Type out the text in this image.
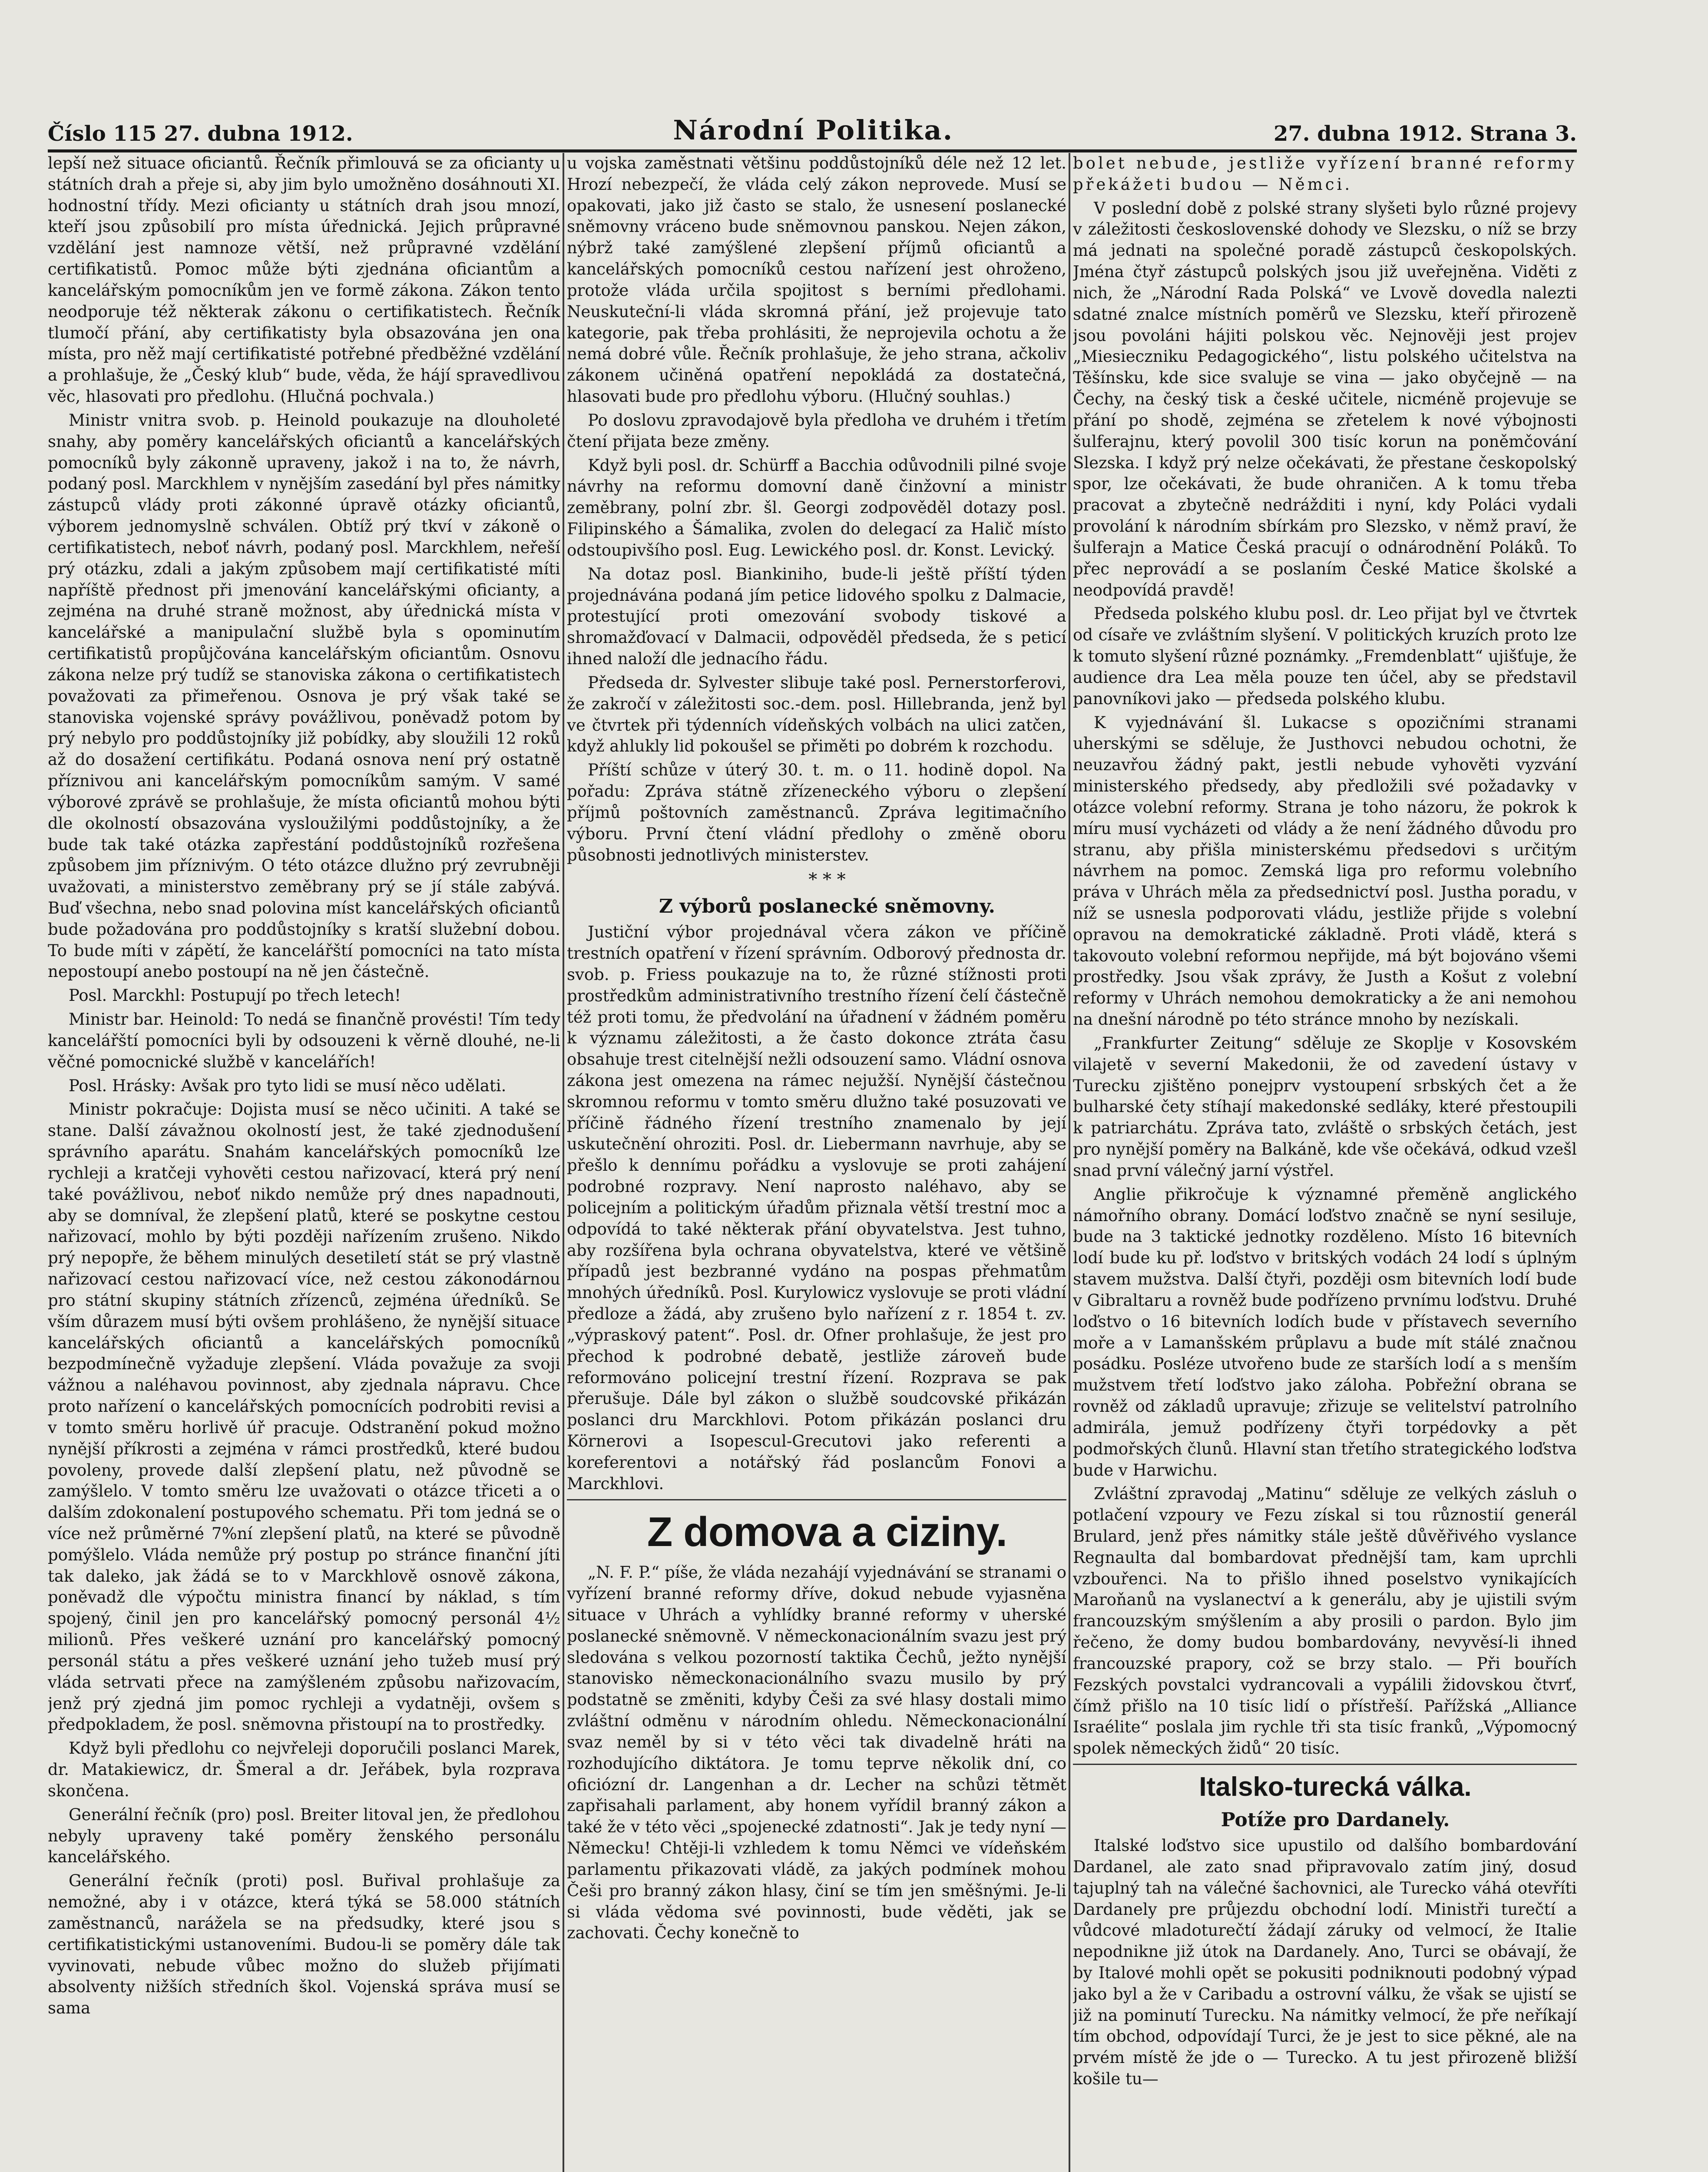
Číslo 115 27. dubna 1912.	Národní Politika.	27. dubna 1912. Strana 3.

lepší než situace oficiantů. Řečník přimlouvá se za oficianty u státních drah a přeje si, aby jim bylo umožněno dosáhnouti XI. hodnostní třídy. Mezi oficianty u státních drah jsou mnozí, kteří jsou způsobilí pro místa úřednická. Jejich průpravné vzdělání jest namnoze větší, než průpravné vzdělání certifikatistů. Pomoc může býti zjednána oficiantům a kancelářským pomocníkům jen ve formě zákona. Zákon tento neodporuje též některak zákonu o certifikatistech. Řečník tlumočí přání, aby certifikatisty byla obsazována jen ona místa, pro něž mají certifikatisté potřebné předběžné vzdělání a prohlašuje, že „Český klub“ bude, věda, že hájí spravedlivou věc, hlasovati pro předlohu. (Hlučná pochvala.)

Ministr vnitra svob. p. Heinold poukazuje na dlouholeté snahy, aby poměry kancelářských oficiantů a kancelářských pomocníků byly zákonně upraveny, jakož i na to, že návrh, podaný posl. Marckhlem v nynějším zasedání byl přes námitky zástupců vlády proti zákonné úpravě otázky oficiantů, výborem jednomyslně schválen. Obtíž prý tkví v zákoně o certifikatistech, neboť návrh, podaný posl. Marckhlem, neřeší prý otázku, zdali a jakým způsobem mají certifikatisté míti napříště přednost při jmenování kancelářskými oficianty, a zejména na druhé straně možnost, aby úřednická místa v kancelářské a manipulační službě byla s opominutím certifikatistů propůjčována kancelářským oficiantům. Osnovu zákona nelze prý tudíž se stanoviska zákona o certifikatistech považovati za přimeřenou. Osnova je prý však také se stanoviska vojenské správy povážlivou, poněvadž potom by prý nebylo pro poddůstojníky již pobídky, aby sloužili 12 roků až do dosažení certifikátu. Podaná osnova není prý ostatně příznivou ani kancelářským pomocníkům samým. V samé výborové zprávě se prohlašuje, že místa oficiantů mohou býti dle okolností obsazována vysloužilými poddůstojníky, a že bude tak také otázka zapřestání poddůstojníků rozřešena způsobem jim příznivým. O této otázce dlužno prý zevrubněji uvažovati, a ministerstvo zeměbrany prý se jí stále zabývá. Buď všechna, nebo snad polovina míst kancelářských oficiantů bude požadována pro poddůstojníky s kratší služební dobou. To bude míti v zápětí, že kancelářští pomocníci na tato místa nepostoupí anebo postoupí na ně jen částečně.

Posl. Marckhl: Postupují po třech letech!

Ministr bar. Heinold: To nedá se finančně provésti! Tím tedy kancelářští pomocníci byli by odsouzeni k věrně dlouhé, ne-li věčné pomocnické službě v kancelářích!

Posl. Hrásky: Avšak pro tyto lidi se musí něco udělati.

Ministr pokračuje: Dojista musí se něco učiniti. A také se stane. Další závažnou okolností jest, že také zjednodušení správního aparátu. Snahám kancelářských pomocníků lze rychleji a kratčeji vyhověti cestou nařizovací, která prý není také povážlivou, neboť nikdo nemůže prý dnes napadnouti, aby se domníval, že zlepšení platů, které se poskytne cestou nařizovací, mohlo by býti později nařízením zrušeno. Nikdo prý nepopře, že během minulých desetiletí stát se prý vlastně nařizovací cestou nařizovací více, než cestou zákonodárnou pro státní skupiny státních zřízenců, zejména úředníků. Se vším důrazem musí býti ovšem prohlášeno, že nynější situace kancelářských oficiantů a kancelářských pomocníků bezpodmínečně vyžaduje zlepšení. Vláda považuje za svoji vážnou a naléhavou povinnost, aby zjednala nápravu. Chce proto nařízení o kancelářských pomocnících podrobiti revisi a v tomto směru horlivě úř pracuje. Odstranění pokud možno nynější příkrosti a zejména v rámci prostředků, které budou povoleny, provede další zlepšení platu, než původně se zamýšlelo. V tomto směru lze uvažovati o otázce třiceti a o dalším zdokonalení postupového schematu. Při tom jedná se o více než průměrné 7%ní zlepšení platů, na které se původně pomýšlelo. Vláda nemůže prý postup po stránce finanční jíti tak daleko, jak žádá se to v Marckhlově osnově zákona, poněvadž dle výpočtu ministra financí by náklad, s tím spojený, činil jen pro kancelářský pomocný personál 4½ milionů. Přes veškeré uznání pro kancelářský pomocný personál státu a přes veškeré uznání jeho tužeb musí prý vláda setrvati přece na zamýšleném způsobu nařizovacím, jenž prý zjedná jim pomoc rychleji a vydatněji, ovšem s předpokladem, že posl. sněmovna přistoupí na to prostředky.

Když byli předlohu co nejvřeleji doporučili poslanci Marek, dr. Matakiewicz, dr. Šmeral a dr. Jeřábek, byla rozprava skončena.

Generální řečník (pro) posl. Breiter litoval jen, že předlohou nebyly upraveny také poměry ženského personálu kancelářského.

Generální řečník (proti) posl. Buřival prohlašuje za nemožné, aby i v otázce, která týká se 58.000 státních zaměstnanců, narážela se na předsudky, které jsou s certifikatistickými ustanoveními. Budou-li se poměry dále tak vyvinovati, nebude vůbec možno do služeb přijímati absolventy nižších středních škol. Vojenská správa musí se sama

u vojska zaměstnati většinu poddůstojníků déle než 12 let. Hrozí nebezpečí, že vláda celý zákon neprovede. Musí se opakovati, jako již často se stalo, že usnesení poslanecké sněmovny vráceno bude sněmovnou panskou. Nejen zákon, nýbrž také zamýšlené zlepšení příjmů oficiantů a kancelářských pomocníků cestou nařízení jest ohroženo, protože vláda určila spojitost s berními předlohami. Neuskuteční-li vláda skromná přání, jež projevuje tato kategorie, pak třeba prohlásiti, že neprojevila ochotu a že nemá dobré vůle. Řečník prohlašuje, že jeho strana, ačkoliv zákonem učiněná opatření nepokládá za dostatečná, hlasovati bude pro předlohu výboru. (Hlučný souhlas.)

Po doslovu zpravodajově byla předloha ve druhém i třetím čtení přijata beze změny.

Když byli posl. dr. Schürff a Bacchia odůvodnili pilné svoje návrhy na reformu domovní daně činžovní a ministr zeměbrany, polní zbr. šl. Georgi zodpověděl dotazy posl. Filipinského a Šámalika, zvolen do delegací za Halič místo odstoupivšího posl. Eug. Lewického posl. dr. Konst. Levický.

Na dotaz posl. Biankiniho, bude-li ještě příští týden projednávána podaná jím petice lidového spolku z Dalmacie, protestující proti omezování svobody tiskové a shromažďovací v Dalmacii, odpověděl předseda, že s peticí ihned naloží dle jednacího řádu.

Předseda dr. Sylvester slibuje také posl. Pernerstorferovi, že zakročí v záležitosti soc.-dem. posl. Hillebranda, jenž byl ve čtvrtek při týdenních vídeňských volbách na ulici zatčen, když ahlukly lid pokoušel se přiměti po dobrém k rozchodu.

Příští schůze v úterý 30. t. m. o 11. hodině dopol. Na pořadu: Zpráva státně zřízeneckého výboru o zlepšení příjmů poštovních zaměstnanců. Zpráva legitimačního výboru. První čtení vládní předlohy o změně oboru působnosti jednotlivých ministerstev.

* * *

Z výborů poslanecké sněmovny.

Justiční výbor projednával včera zákon ve příčině trestních opatření v řízení správním. Odborový přednosta dr. svob. p. Friess poukazuje na to, že různé stížnosti proti prostředkům administrativního trestního řízení čelí částečně též proti tomu, že předvolání na úřadnení v žádném poměru k významu záležitosti, a že často dokonce ztráta času obsahuje trest citelnější nežli odsouzení samo. Vládní osnova zákona jest omezena na rámec nejužší. Nynější částečnou skromnou reformu v tomto směru dlužno také posuzovati ve příčině řádného řízení trestního znamenalo by její uskutečnění ohroziti. Posl. dr. Liebermann navrhuje, aby se přešlo k dennímu pořádku a vyslovuje se proti zahájení podrobné rozpravy. Není naprosto naléhavo, aby se policejním a politickým úřadům přiznala větší trestní moc a odpovídá to také některak přání obyvatelstva. Jest tuhno, aby rozšířena byla ochrana obyvatelstva, které ve většině případů jest bezbranné vydáno na pospas přehmatům mnohých úředníků. Posl. Kurylowicz vyslovuje se proti vládní předloze a žádá, aby zrušeno bylo nařízení z r. 1854 t. zv. „výpraskový patent“. Posl. dr. Ofner prohlašuje, že jest pro přechod k podrobné debatě, jestliže zároveň bude reformováno policejní trestní řízení. Rozprava se pak přerušuje. Dále byl zákon o službě soudcovské přikázán poslanci dru Marckhlovi. Potom přikázán poslanci dru Körnerovi a Isopescul-Grecutovi jako referenti a koreferentovi a notářský řád poslancům Fonovi a Marckhlovi.

Z domova a ciziny.

„N. F. P.“ píše, že vláda nezahájí vyjednávání se stranami o vyřízení branné reformy dříve, dokud nebude vyjasněna situace v Uhrách a vyhlídky branné reformy v uherské poslanecké sněmovně. V německonacionálním svazu jest prý sledována s velkou pozorností taktika Čechů, ježto nynější stanovisko německonacionálního svazu musilo by prý podstatně se změniti, kdyby Češi za své hlasy dostali mimo zvláštní odměnu v národním ohledu. Německonacionální svaz neměl by si v této věci tak divadelně hráti na rozhodujícího diktátora. Je tomu teprve několik dní, co oficiózní dr. Langenhan a dr. Lecher na schůzi tětmět zapřisahali parlament, aby honem vyřídil branný zákon a také že v této věci „spojenecké zdatnosti“. Jak je tedy nyní — Německu! Chtěji-li vzhledem k tomu Němci ve vídeňském parlamentu přikazovati vládě, za jakých podmínek mohou Češi pro branný zákon hlasy, činí se tím jen směšnými. Je-li si vláda vědoma své povinnosti, bude věděti, jak se zachovati. Čechy konečně to

bolet nebude, jestliže vyřízení branné reformy překážeti budou — Němci.

V poslední době z polské strany slyšeti bylo různé projevy v záležitosti československé dohody ve Slezsku, o níž se brzy má jednati na společné poradě zástupců českopolských. Jména čtyř zástupců polských jsou již uveřejněna. Viděti z nich, že „Národní Rada Polská“ ve Lvově dovedla nalezti sdatné znalce místních poměrů ve Slezsku, kteří přirozeně jsou povoláni hájiti polskou věc. Nejnověji jest projev „Miesieczniku Pedagogického“, listu polského učitelstva na Těšínsku, kde sice svaluje se vina — jako obyčejně — na Čechy, na český tisk a české učitele, nicméně projevuje se přání po shodě, zejména se zřetelem k nové výbojnosti šulferajnu, který povolil 300 tisíc korun na poněmčování Slezska. I když prý nelze očekávati, že přestane českopolský spor, lze očekávati, že bude ohraničen. A k tomu třeba pracovat a zbytečně nedrážditi i nyní, kdy Poláci vydali provolání k národním sbírkám pro Slezsko, v němž praví, že šulferajn a Matice Česká pracují o odnárodnění Poláků. To přec neprovádí a se poslaním České Matice školské a neodpovídá pravdě!

Předseda polského klubu posl. dr. Leo přijat byl ve čtvrtek od císaře ve zvláštním slyšení. V politických kruzích proto lze k tomuto slyšení různé poznámky. „Fremdenblatt“ ujišťuje, že audience dra Lea měla pouze ten účel, aby se představil panovníkovi jako — předseda polského klubu.

K vyjednávání šl. Lukacse s opozičními stranami uherskými se sděluje, že Justhovci nebudou ochotni, že neuzavřou žádný pakt, jestli nebude vyhověti vyzvání ministerského předsedy, aby předložili své požadavky v otázce volební reformy. Strana je toho názoru, že pokrok k míru musí vycházeti od vlády a že není žádného důvodu pro stranu, aby přišla ministerskému předsedovi s určitým návrhem na pomoc. Zemská liga pro reformu volebního práva v Uhrách měla za předsednictví posl. Justha poradu, v níž se usnesla podporovati vládu, jestliže přijde s volební opravou na demokratické základně. Proti vládě, která s takovouto volební reformou nepřijde, má být bojováno všemi prostředky. Jsou však zprávy, že Justh a Košut z volební reformy v Uhrách nemohou demokraticky a že ani nemohou na dnešní národně po této stránce mnoho by nezískali.

„Frankfurter Zeitung“ sděluje ze Skoplje v Kosovském vilajetě v severní Makedonii, že od zavedení ústavy v Turecku zjištěno ponejprv vystoupení srbských čet a že bulharské čety stíhají makedonské sedláky, které přestoupili k patriarchátu. Zpráva tato, zvláště o srbských četách, jest pro nynější poměry na Balkáně, kde vše očekává, odkud vzešl snad první válečný jarní výstřel.

Anglie přikročuje k významné přeměně anglického námořního obrany. Domácí loďstvo značně se nyní sesiluje, bude na 3 taktické jednotky rozděleno. Místo 16 bitevních lodí bude ku př. loďstvo v britských vodách 24 lodí s úplným stavem mužstva. Další čtyři, později osm bitevních lodí bude v Gibraltaru a rovněž bude podřízeno prvnímu loďstvu. Druhé loďstvo o 16 bitevních lodích bude v přístavech severního moře a v Lamanšském průplavu a bude mít stálé značnou posádku. Posléze utvořeno bude ze starších lodí a s menším mužstvem třetí loďstvo jako záloha. Pobřežní obrana se rovněž od základů upravuje; zřizuje se velitelství patrolního admirála, jemuž podřízeny čtyři torpédovky a pět podmořských člunů. Hlavní stan třetího strategického loďstva bude v Harwichu.

Zvláštní zpravodaj „Matinu“ sděluje ze velkých zásluh o potlačení vzpoury ve Fezu získal si tou různostií generál Brulard, jenž přes námitky stále ještě důvěřivého vyslance Regnaulta dal bombardovat přednější tam, kam uprchli vzbouřenci. Na to přišlo ihned poselstvo vynikajících Maroňanů na vyslanectví a k generálu, aby je ujistili svým francouzským smýšlením a aby prosili o pardon. Bylo jim řečeno, že domy budou bombardovány, nevyvěsí-li ihned francouzské prapory, což se brzy stalo. — Při bouřích Fezských povstalci vydrancovali a vypálili židovskou čtvrť, čímž přišlo na 10 tisíc lidí o přístřeší. Pařížská „Alliance Israélite“ poslala jim rychle tři sta tisíc franků, „Výpomocný spolek německých židů“ 20 tisíc.

Italsko-turecká válka.

Potíže pro Dardanely.

Italské loďstvo sice upustilo od dalšího bombardování Dardanel, ale zato snad připravovalo zatím jiný, dosud tajuplný tah na válečné šachovnici, ale Turecko váhá otevříti Dardanely pre průjezdu obchodní lodí. Ministři turečtí a vůdcové mladoturečtí žádají zárukу od velmocí, že Italie nepodnikne již útok na Dardanely. Ano, Turci se obávají, že by Italové mohli opět se pokusiti podniknouti podobný výpad jako byl a že v Caribadu a ostrovní válku, že však se ujistí se již na pominutí Turecku. Na námitky velmocí, že pře neříkají tím obchod, odpovídají Turci, že je jest to sice pěkné, ale na prvém místě že jde o — Turecko. A tu jest přirozeně bližší košile tu—
